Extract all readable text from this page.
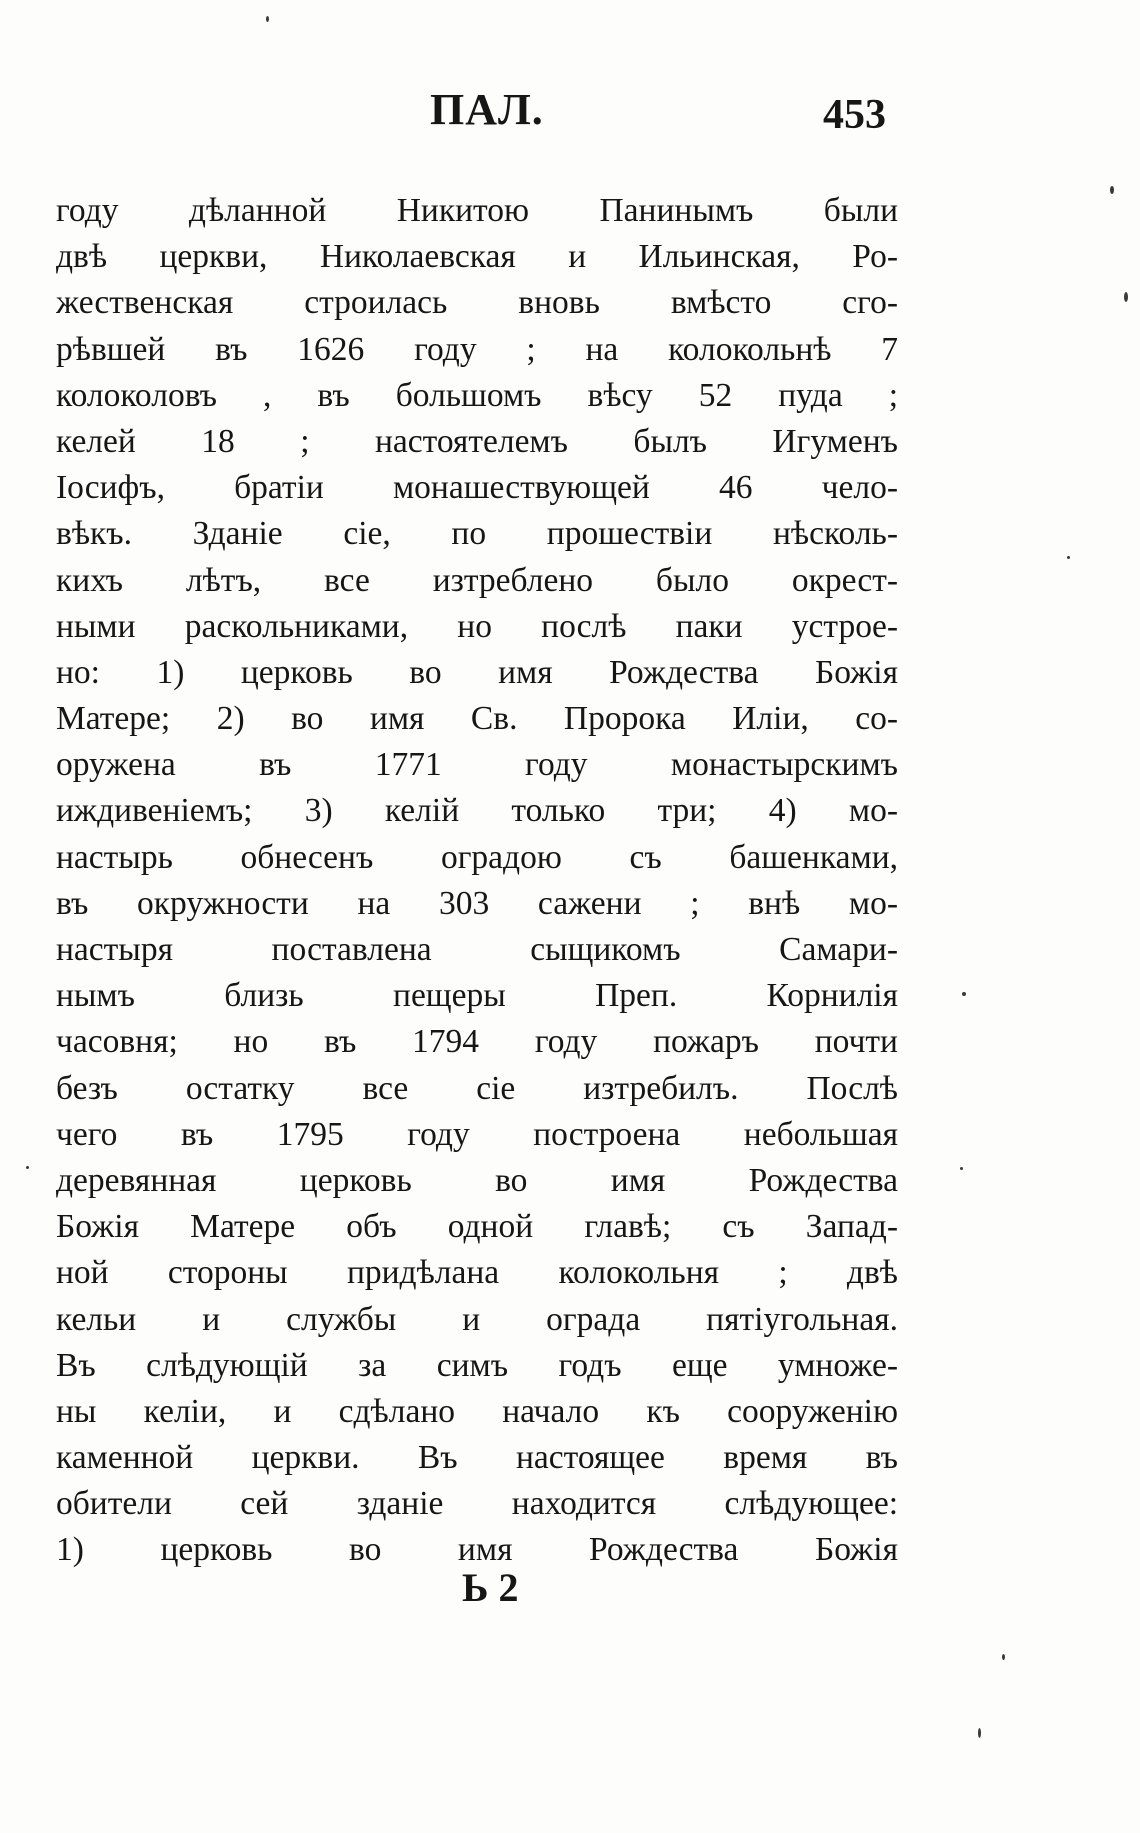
ПАЛ.	453
году дѣланной Никитою Панинымъ были
двѣ церкви, Николаевская и Ильинская, Ро-
жественская строилась вновь вмѣсто сго-
рѣвшей въ 1626 году ; на колокольнѣ 7
колоколовъ , въ большомъ вѣсу 52 пуда ;
келей 18 ; настоятелемъ былъ Игуменъ
Iосифъ, братiи монашествующей 46 чело-
вѣкъ. Зданiе сiе, по прошествiи нѣсколь-
кихъ лѣтъ, все изтреблено было окрест-
ными раскольниками, но послѣ паки устроe-
но: 1) церковь во имя Рождества Божiя
Матере; 2) во имя Св. Пророка Илiи, со-
оружена въ 1771 году монастырскимъ
иждивенiемъ; 3) келiй только три; 4) мо-
настырь обнесенъ оградою съ башенками,
въ окружности на 303 сажени ; внѣ мо-
настыря поставлена сыщикомъ Самари-
нымъ близь пещеры Преп. Корнилiя
часовня; но въ 1794 году пожаръ почти
безъ остатку все сiе изтребилъ. Послѣ
чего въ 1795 году построена небольшая
деревянная церковь во имя Рождества
Божiя Матере объ одной главѣ; съ Запад-
ной стороны придѣлана колокольня ; двѣ
кельи и службы и ограда пятiугольная.
Въ слѣдующiй за симъ годъ еще умноже-
ны келiи, и сдѣлано начало къ сооруженiю
каменной церкви. Въ настоящее время въ
обители сей зданiе находится слѣдующее:
1) церковь во имя Рождества Божiя
Ь 2
